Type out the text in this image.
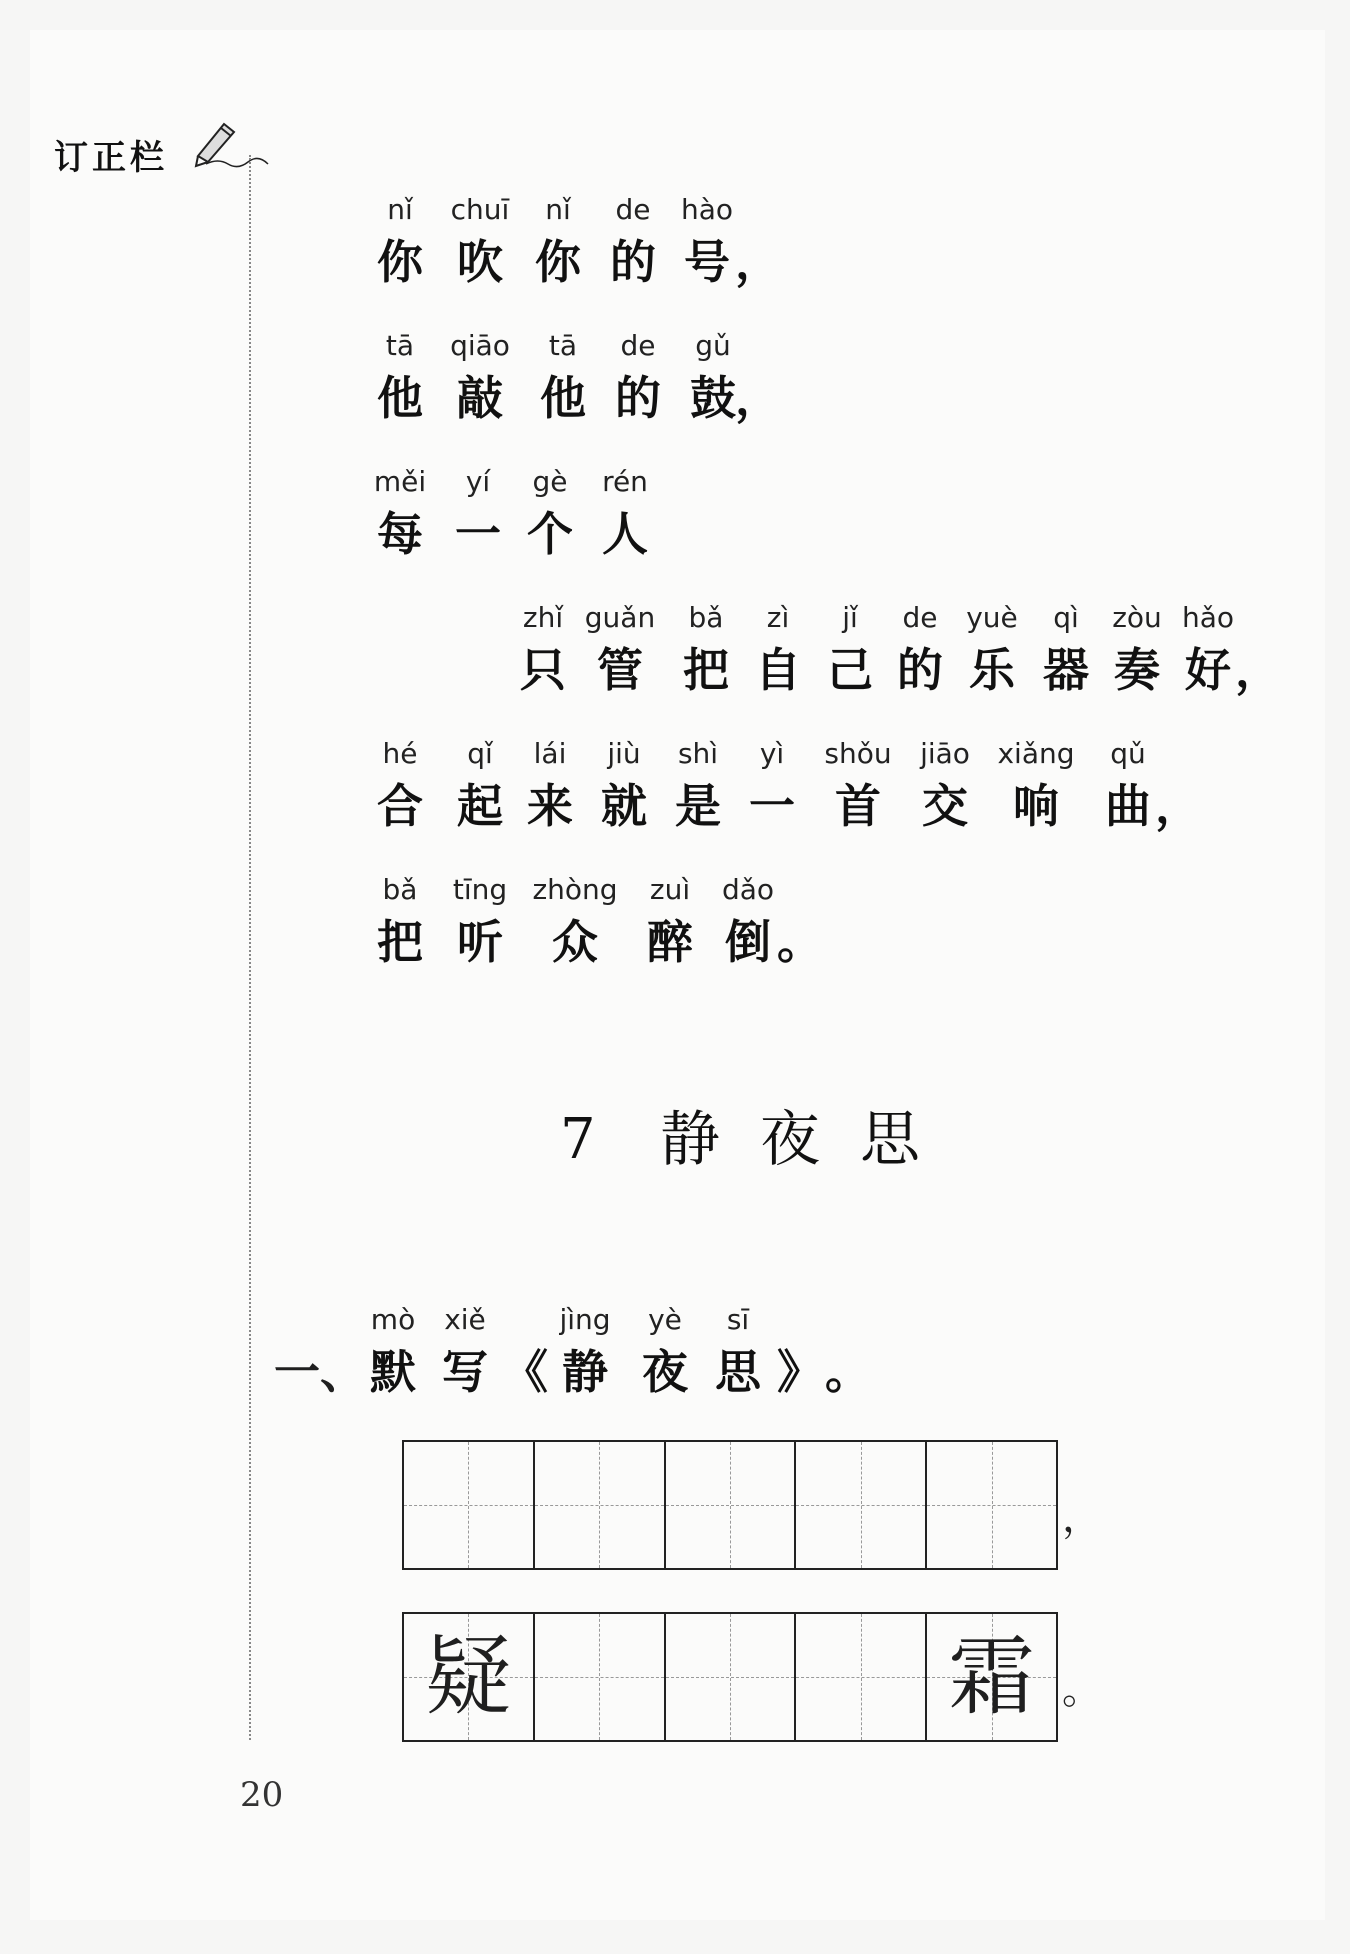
订正栏
nǐ
你
chuī
吹
nǐ
你
de
的
hào
号 ，
tā
他
qiāo
敲
tā
他
de
的
gǔ
鼓 ，
měi
每
yí
一
gè
个
rén
人
zhǐ
只
guǎn
管
bǎ
把
zì
自
jǐ
己
de
的
yuè
乐
qì
器
zòu
奏
hǎo
好 ，
hé
合
qǐ
起
lái
来
jiù
就
shì
是
yì
一
shǒu
首
jiāo
交
xiǎng
响
qǔ
曲 ，
bǎ
把
tīng
听
zhòng
众
zuì
醉
dǎo
倒 。
7 静 夜 思
一、
mò
默
xiě
写 《
jìng
静
yè
夜
sī
思 》 。
，
疑	霜 。
20
